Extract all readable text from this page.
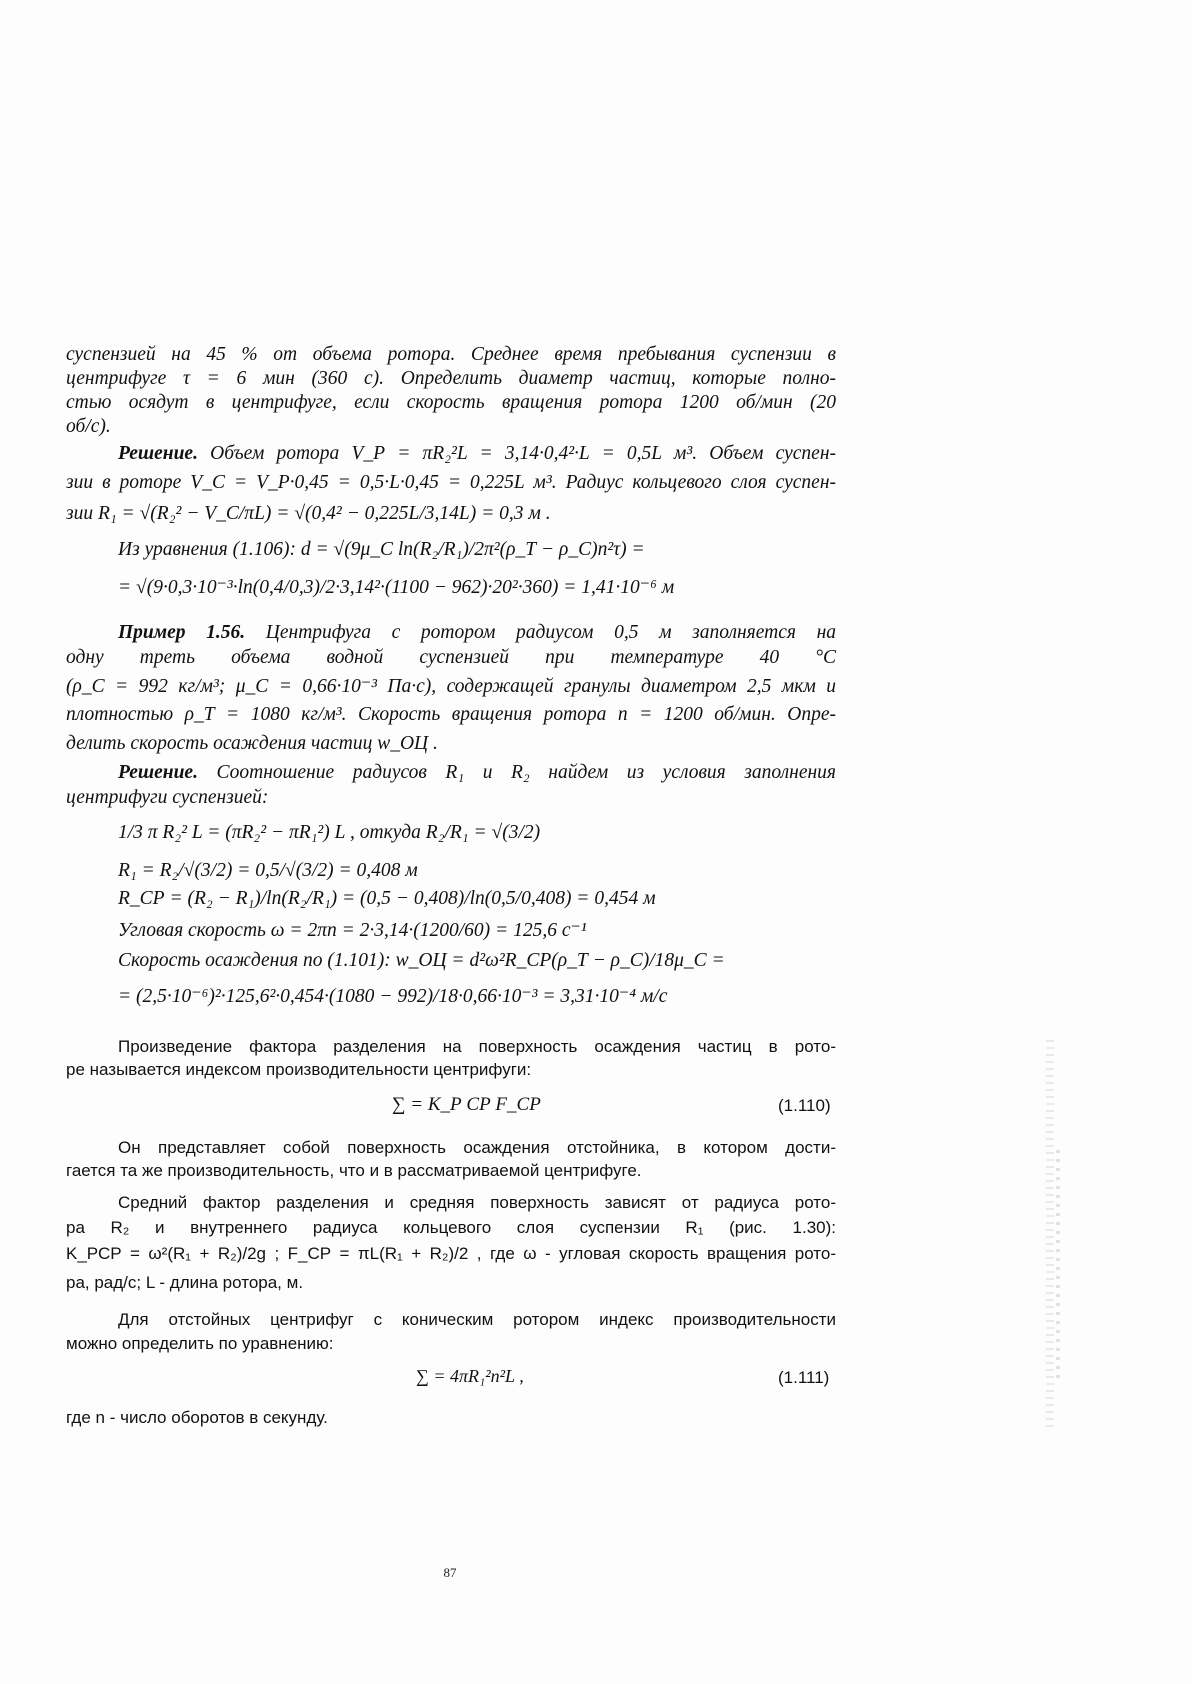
суспензией на 45 % от объема ротора. Среднее время пребывания суспензии в
центрифуге τ = 6 мин (360 с). Определить диаметр частиц, которые полно-
стью осядут в центрифуге, если скорость вращения ротора 1200 об/мин (20
об/с).
Решение. Объем ротора V_Р = πR₂²L = 3,14·0,4²·L = 0,5L м³. Объем суспен-
зии в роторе V_С = V_Р·0,45 = 0,5·L·0,45 = 0,225L м³. Радиус кольцевого слоя суспен-
зии R₁ = √(R₂² − V_С/πL) = √(0,4² − 0,225L/3,14L) = 0,3 м .
Из уравнения (1.106): d = √(9μ_С ln(R₂/R₁)/2π²(ρ_Т − ρ_С)n²τ) =
= √(9·0,3·10⁻³·ln(0,4/0,3)/2·3,14²·(1100 − 962)·20²·360) = 1,41·10⁻⁶ м
Пример 1.56. Центрифуга с ротором радиусом 0,5 м заполняется на
одну треть объема водной суспензией при температуре 40 °С
(ρ_С = 992 кг/м³; μ_С = 0,66·10⁻³ Па·с), содержащей гранулы диаметром 2,5 мкм и
плотностью ρ_Т = 1080 кг/м³. Скорость вращения ротора n = 1200 об/мин. Опре-
делить скорость осаждения частиц w_ОЦ .
Решение. Соотношение радиусов R₁ и R₂ найдем из условия заполнения
центрифуги суспензией:
1/3 π R₂² L = (πR₂² − πR₁²) L , откуда R₂/R₁ = √(3/2)
R₁ = R₂/√(3/2) = 0,5/√(3/2) = 0,408 м
R_СР = (R₂ − R₁)/ln(R₂/R₁) = (0,5 − 0,408)/ln(0,5/0,408) = 0,454 м
Угловая скорость ω = 2πn = 2·3,14·(1200/60) = 125,6 с⁻¹
Скорость осаждения по (1.101): w_ОЦ = d²ω²R_СР(ρ_Т − ρ_С)/18μ_С =
= (2,5·10⁻⁶)²·125,6²·0,454·(1080 − 992)/18·0,66·10⁻³ = 3,31·10⁻⁴ м/с
Произведение фактора разделения на поверхность осаждения частиц в рото-
ре называется индексом производительности центрифуги:
∑ = K_Р СР F_СР	(1.110)
Он представляет собой поверхность осаждения отстойника, в котором дости-
гается та же производительность, что и в рассматриваемой центрифуге.
Средний фактор разделения и средняя поверхность зависят от радиуса рото-
ра R₂ и внутреннего радиуса кольцевого слоя суспензии R₁ (рис. 1.30):
K_РСР = ω²(R₁ + R₂)/2g ; F_СР = πL(R₁ + R₂)/2 , где ω - угловая скорость вращения рото-
ра, рад/с; L - длина ротора, м.
Для отстойных центрифуг с коническим ротором индекс производительности
можно определить по уравнению:
∑ = 4πR₁²n²L ,	(1.111)
где n - число оборотов в секунду.
87
